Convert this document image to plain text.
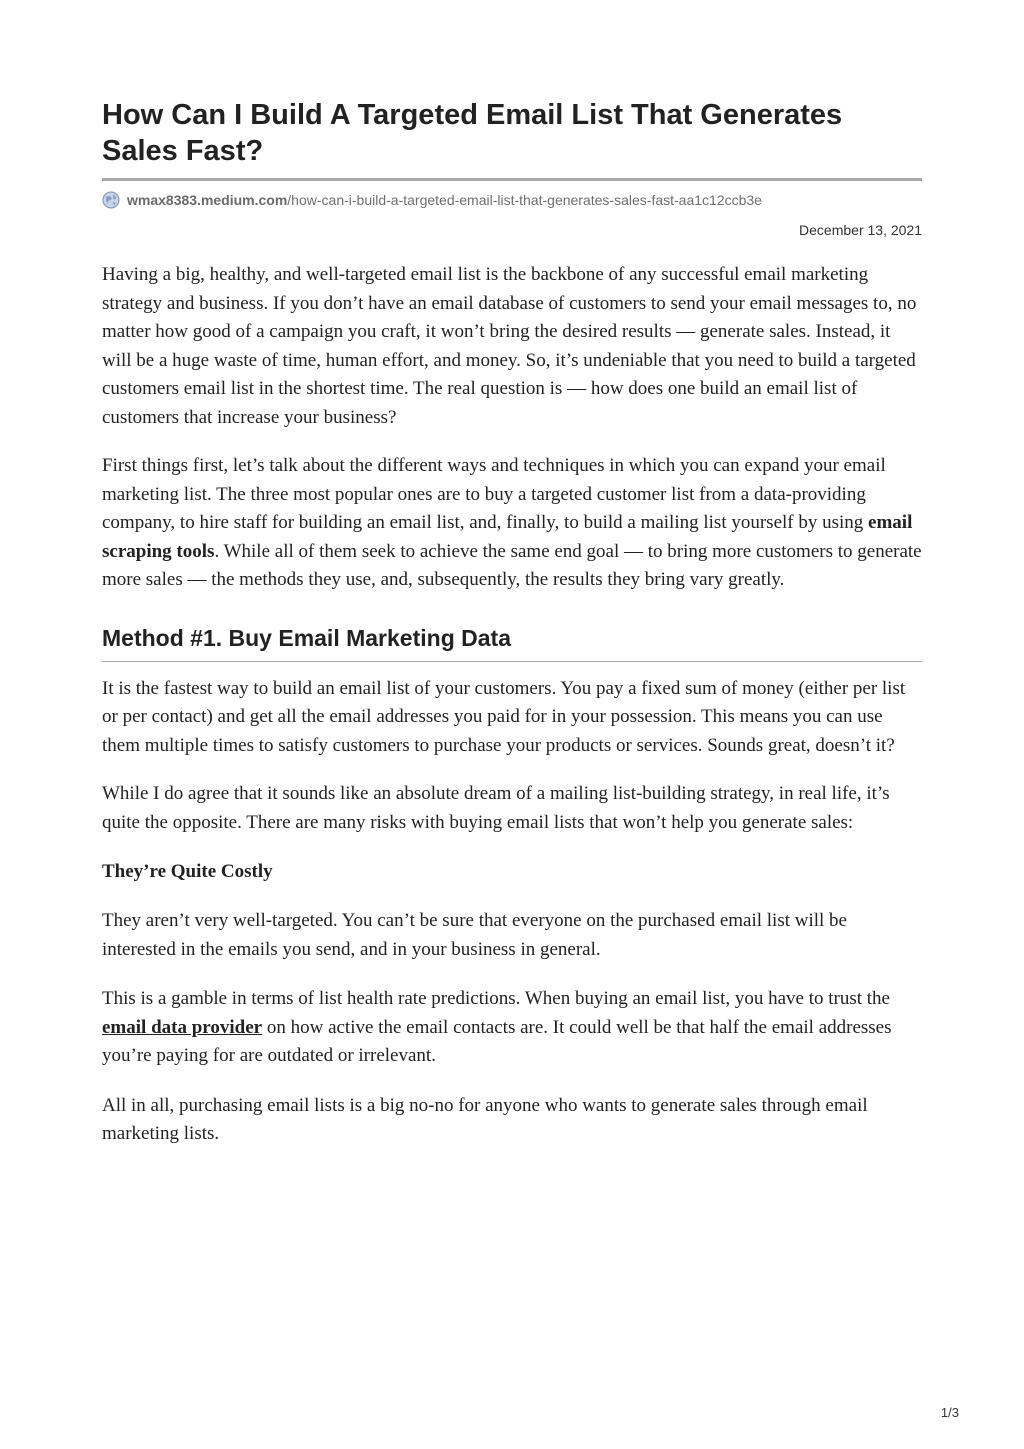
How Can I Build A Targeted Email List That Generates Sales Fast?
wmax8383.medium.com /how-can-i-build-a-targeted-email-list-that-generates-sales-fast-aa1c12ccb3e
December 13, 2021

Having a big, healthy, and well-targeted email list is the backbone of any successful email marketing strategy and business. If you don’t have an email database of customers to send your email messages to, no matter how good of a campaign you craft, it won’t bring the desired results — generate sales. Instead, it will be a huge waste of time, human effort, and money. So, it’s undeniable that you need to build a targeted customers email list in the shortest time. The real question is — how does one build an email list of customers that increase your business?

First things first, let’s talk about the different ways and techniques in which you can expand your email marketing list. The three most popular ones are to buy a targeted customer list from a data-providing company, to hire staff for building an email list, and, finally, to build a mailing list yourself by using email scraping tools. While all of them seek to achieve the same end goal — to bring more customers to generate more sales — the methods they use, and, subsequently, the results they bring vary greatly.

Method #1. Buy Email Marketing Data

It is the fastest way to build an email list of your customers. You pay a fixed sum of money (either per list or per contact) and get all the email addresses you paid for in your possession. This means you can use them multiple times to satisfy customers to purchase your products or services. Sounds great, doesn’t it?

While I do agree that it sounds like an absolute dream of a mailing list-building strategy, in real life, it’s quite the opposite. There are many risks with buying email lists that won’t help you generate sales:

They’re Quite Costly

They aren’t very well-targeted. You can’t be sure that everyone on the purchased email list will be interested in the emails you send, and in your business in general.

This is a gamble in terms of list health rate predictions. When buying an email list, you have to trust the email data provider on how active the email contacts are. It could well be that half the email addresses you’re paying for are outdated or irrelevant.

All in all, purchasing email lists is a big no-no for anyone who wants to generate sales through email marketing lists.

1/3
